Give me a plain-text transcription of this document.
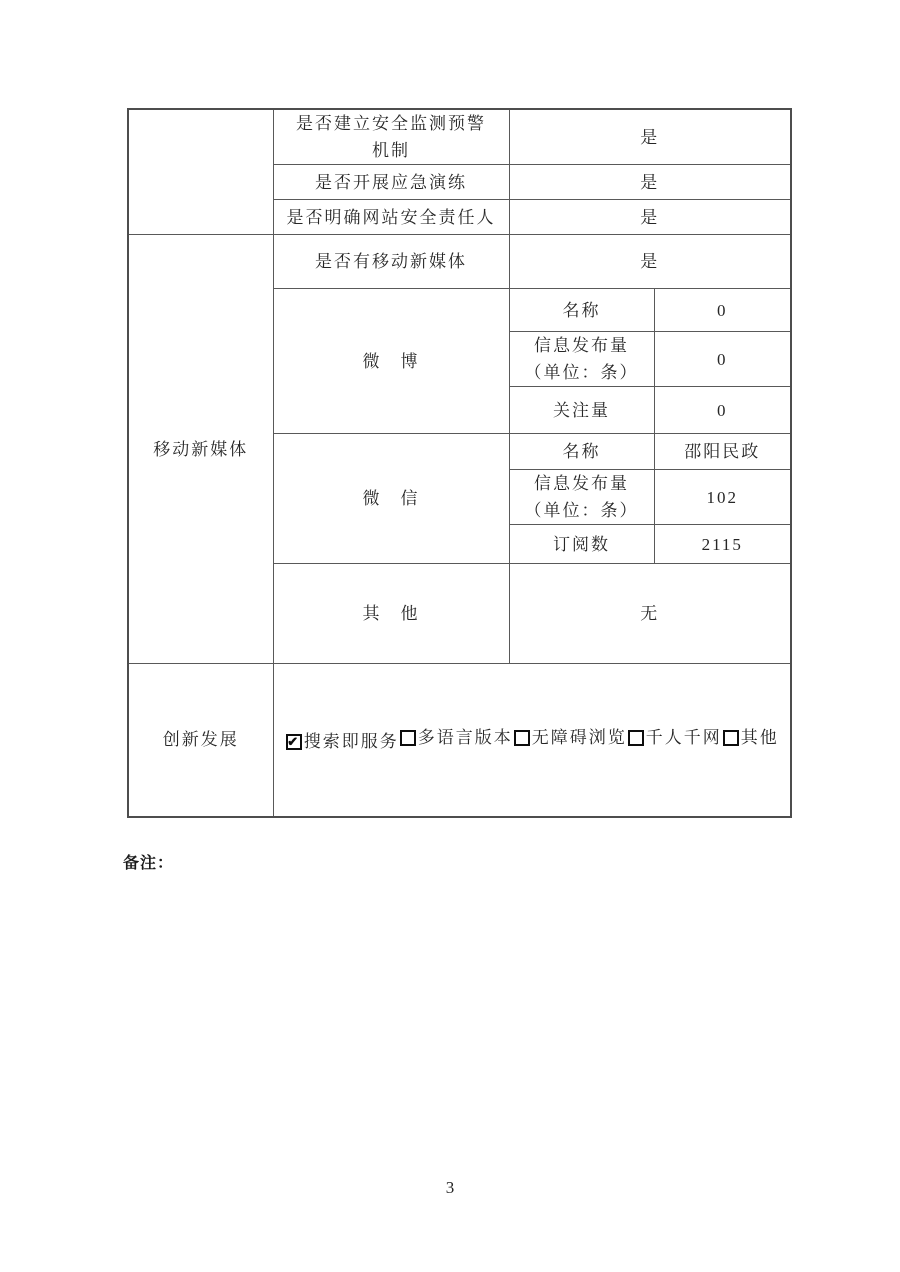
	是否建立安全监测预警
机制	是	
	是否开展应急演练	是	
	是否明确网站安全责任人	是	
移动新媒体	是否有移动新媒体	是	
	微　博	名称	0

		信息发布量
（单位：条）	0
		关注量	0
	微　信	名称	邵阳民政

		信息发布量
（单位：条）	102
		订阅数	2115
	其　他	无	
创新发展	
✔搜索即服务 多语言版本 无障碍浏览 千人千网 其他
备注：
3
